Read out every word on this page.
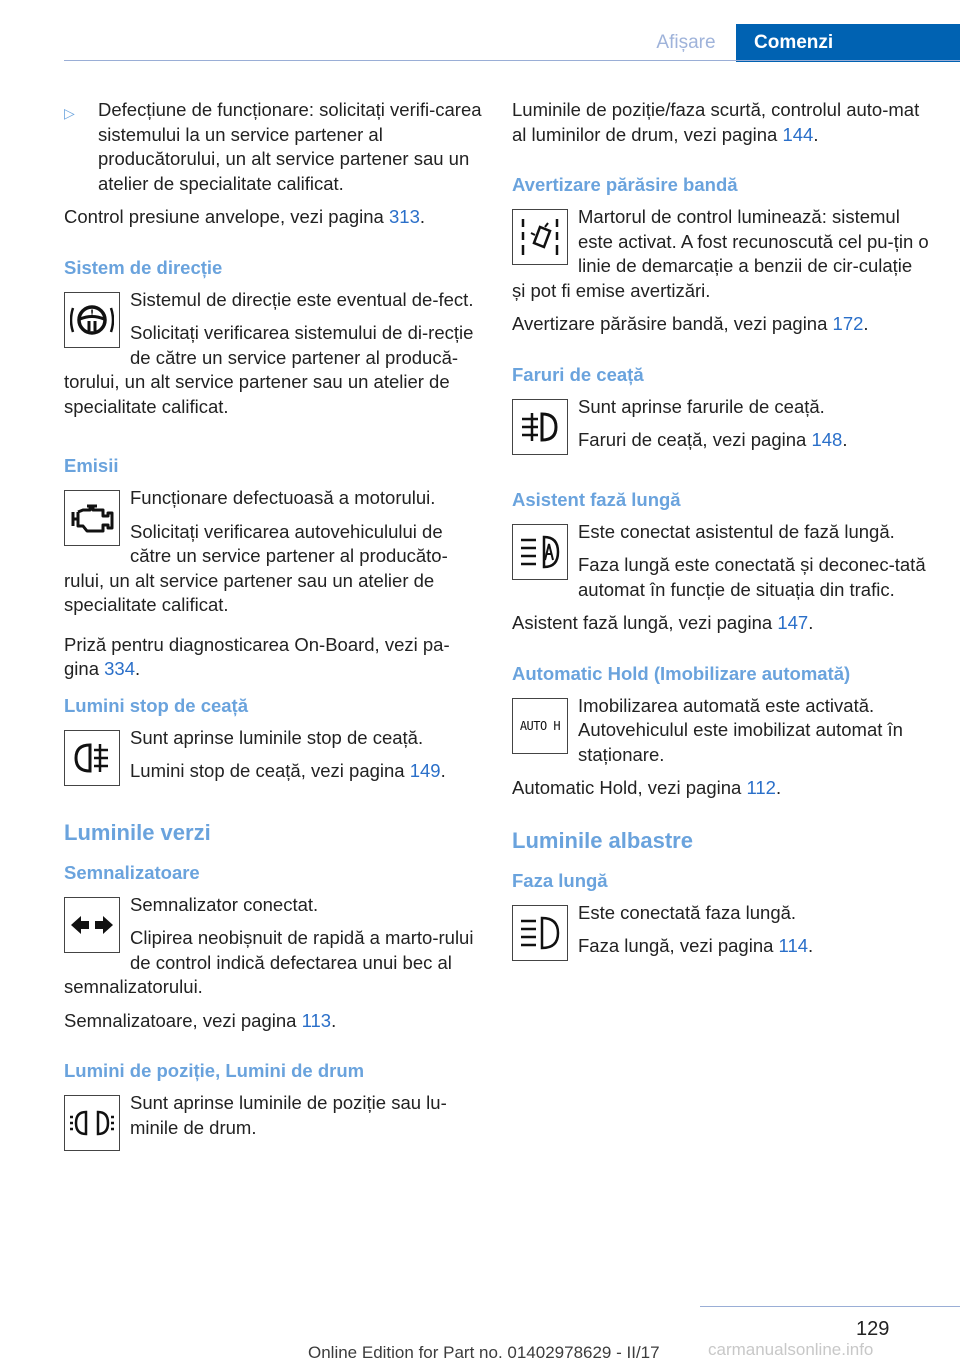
Afișare	Comenzi
▷	Defecțiune de funcționare: solicitați verifi‐carea sistemului la un service partener al producătorului, un alt service partener sau un atelier de specialitate calificat.

Control presiune anvelope, vezi pagina 313.

Sistem de direcție
!

Sistemul de direcție este eventual de‐fect.

Solicitați verificarea sistemului de di‐recție de către un service partener al producă‐torului, un alt service partener sau un atelier de specialitate calificat.

Emisii

Funcționare defectuoasă a motorului.

Solicitați verificarea autovehiculului de către un service partener al producăto‐rului, un alt service partener sau un atelier de specialitate calificat.

Priză pentru diagnosticarea On-Board, vezi pa‐gina 334.

Lumini stop de ceață

Sunt aprinse luminile stop de ceață.

Lumini stop de ceață, vezi pagina 149.

Luminile verzi
Semnalizatoare

Semnalizator conectat.

Clipirea neobișnuit de rapidă a marto‐rului de control indică defectarea unui bec al semnalizatorului.

Semnalizatoare, vezi pagina 113.

Lumini de poziție, Lumini de drum

Sunt aprinse luminile de poziție sau lu‐minile de drum.

Luminile de poziție/faza scurtă, controlul auto‐mat al luminilor de drum, vezi pagina 144.

Avertizare părăsire bandă

Martorul de control luminează: sistemul este activat. A fost recunoscută cel pu‐țin o linie de demarcație a benzii de cir‐culație și pot fi emise avertizări.

Avertizare părăsire bandă, vezi pagina 172.

Faruri de ceață

Sunt aprinse farurile de ceață.

Faruri de ceață, vezi pagina 148.

Asistent fază lungă

Este conectat asistentul de fază lungă.

Faza lungă este conectată și deconec‐tată automat în funcție de situația din trafic.

Asistent fază lungă, vezi pagina 147.

Automatic Hold (Imobilizare automată)
AUTO H

Imobilizarea automată este activată. Autovehiculul este imobilizat automat în staționare.

Automatic Hold, vezi pagina 112.

Luminile albastre
Faza lungă

Este conectată faza lungă.

Faza lungă, vezi pagina 114.

129
Online Edition for Part no. 01402978629 - II/17	carmanualsonline.info
